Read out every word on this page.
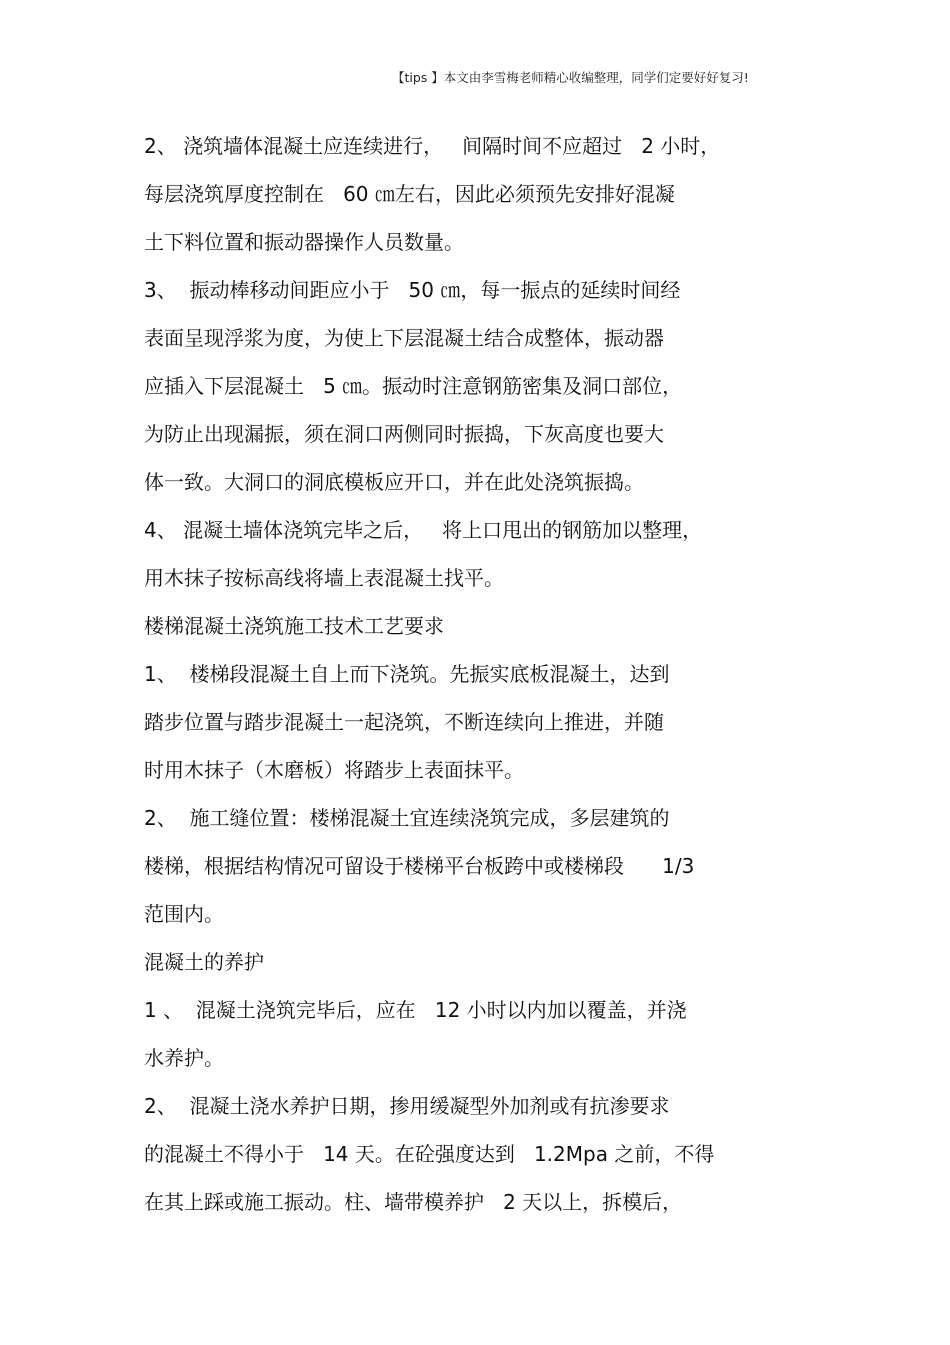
【tips 】本文由李雪梅老师精心收编整理，同学们定要好好复习!
2、 浇筑墙体混凝土应连续进行，   间隔时间不应超过   2 小时，
每层浇筑厚度控制在   60 ㎝左右，因此必须预先安排好混凝
土下料位置和振动器操作人员数量。
3、  振动棒移动间距应小于   50 ㎝，每一振点的延续时间经
表面呈现浮浆为度，为使上下层混凝土结合成整体，振动器
应插入下层混凝土   5 ㎝。振动时注意钢筋密集及洞口部位，
为防止出现漏振，须在洞口两侧同时振捣，下灰高度也要大
体一致。大洞口的洞底模板应开口，并在此处浇筑振捣。
4、 混凝土墙体浇筑完毕之后，   将上口甩出的钢筋加以整理，
用木抹子按标高线将墙上表混凝土找平。
楼梯混凝土浇筑施工技术工艺要求
1、  楼梯段混凝土自上而下浇筑。先振实底板混凝土，达到
踏步位置与踏步混凝土一起浇筑，不断连续向上推进，并随
时用木抹子（木磨板）将踏步上表面抹平。
2、  施工缝位置：楼梯混凝土宜连续浇筑完成，多层建筑的
楼梯，根据结构情况可留设于楼梯平台板跨中或楼梯段      1/3
范围内。
混凝土的养护
1 、  混凝土浇筑完毕后，应在   12 小时以内加以覆盖，并浇
水养护。
2、  混凝土浇水养护日期，掺用缓凝型外加剂或有抗渗要求
的混凝土不得小于   14 天。在砼强度达到   1.2Mpa 之前，不得
在其上踩或施工振动。柱、墙带模养护   2 天以上，拆模后，
